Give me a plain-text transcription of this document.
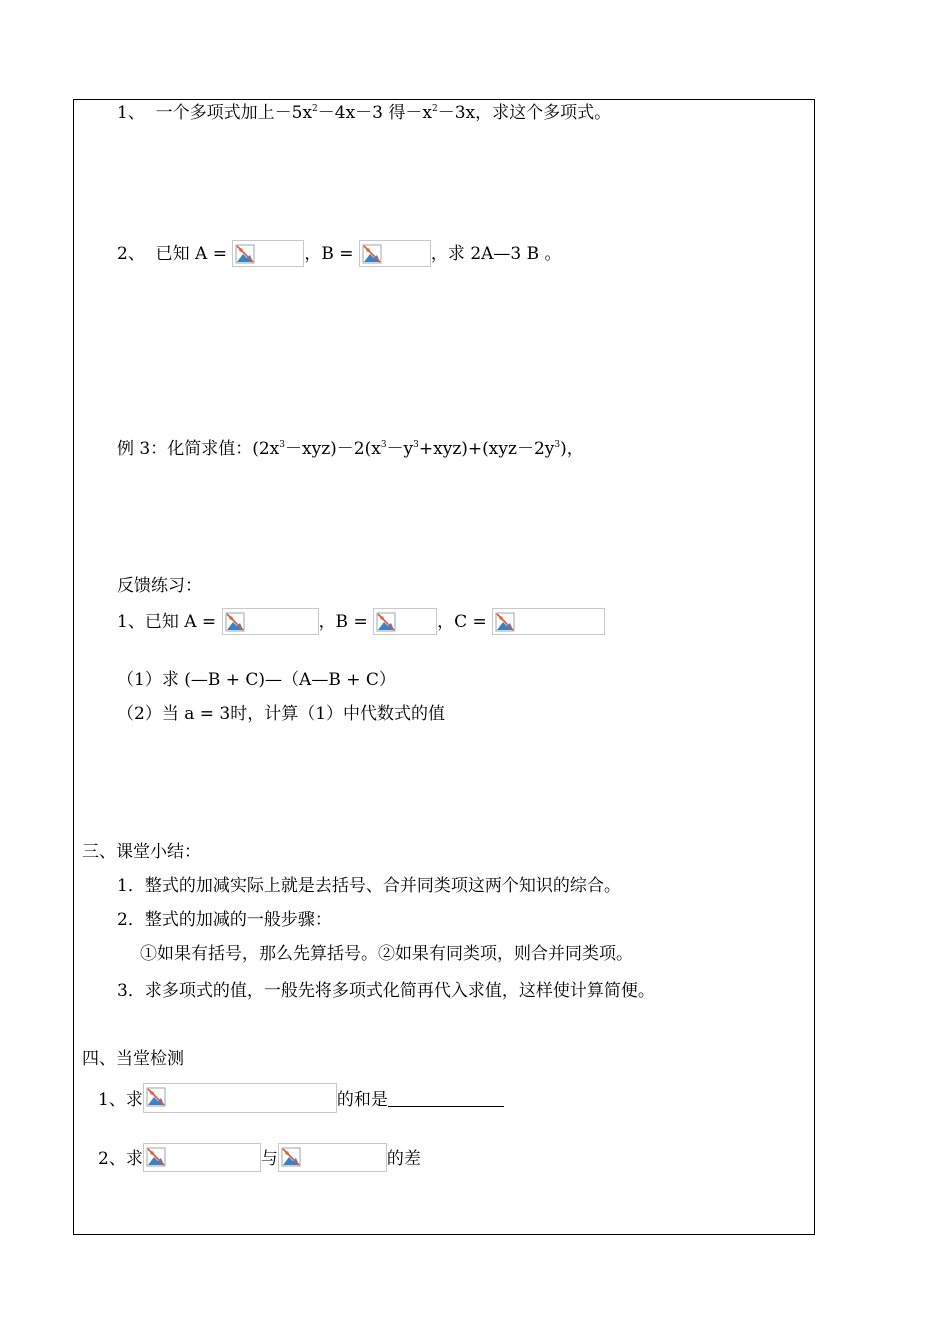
1、 一个多项式加上$-5x^2-4x-3$ 得$-x^2-3x$，求这个多项式。
2、 已知 A =	，B =	，求 2A—3 B 。
例 3：化简求值：$(2x^3-xyz)-2(x^3-y^3+xyz)+(xyz-2y^3)$，
反馈练习：
1、已知 A =	，B =	，C =
（1）求 (—B + C)—（A—B + C）
（2）当 a = 3时，计算（1）中代数式的值
三、课堂小结：
1．整式的加减实际上就是去括号、合并同类项这两个知识的综合。
2．整式的加减的一般步骤：
①如果有括号，那么先算括号。②如果有同类项，则合并同类项。
3．求多项式的值，一般先将多项式化简再代入求值，这样使计算简便。
四、当堂检测
1、求	的和是
2、求	与	的差
